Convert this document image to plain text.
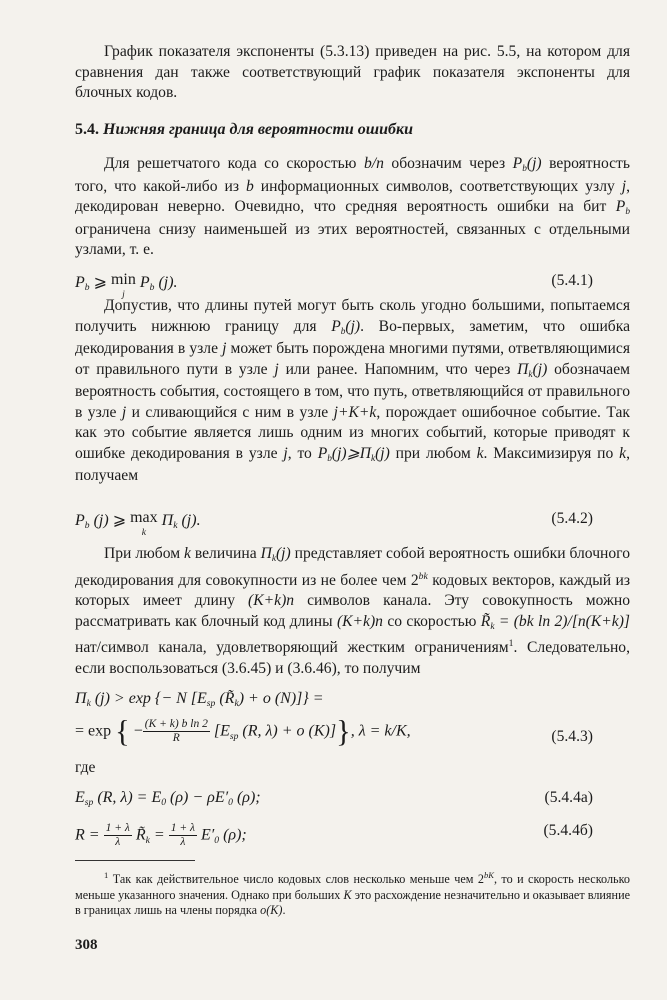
График показателя экспоненты (5.3.13) приведен на рис. 5.5, на котором для сравнения дан также соответствующий график показателя экспоненты для блочных кодов.
5.4. Нижняя граница для вероятности ошибки
Для решетчатого кода со скоростью b/n обозначим через $P_b(j)$ вероятность того, что какой-либо из b информационных символов, соответствующих узлу j, декодирован неверно. Очевидно, что средняя вероятность ошибки на бит $P_b$ ограничена снизу наименьшей из этих вероятностей, связанных с отдельными узлами, т. е.
$P_b$ ⩾ min
j
$P_b$ (j).	(5.4.1)
Допустив, что длины путей могут быть сколь угодно большими, попытаемся получить нижнюю границу для $P_b(j)$. Во-первых, заметим, что ошибка декодирования в узле j может быть порождена многими путями, ответвляющимися от правильного пути в узле j или ранее. Напомним, что через $\Pi_k(j)$ обозначаем вероятность события, состоящего в том, что путь, ответвляющийся от правильного в узле j и сливающийся с ним в узле j+K+k, порождает ошибочное событие. Так как это событие является лишь одним из многих событий, которые приводят к ошибке декодирования в узле j, то $P_b(j)⩾\Pi_k(j)$ при любом k. Максимизируя по k, получаем
$P_b$ (j) ⩾ max
k
$\Pi_k$ (j).	(5.4.2)
При любом k величина $\Pi_k(j)$ представляет собой вероятность ошибки блочного декодирования для совокупности из не более чем $2^{bk}$ кодовых векторов, каждый из которых имеет длину (K+k)n символов канала. Эту совокупность можно рассматривать как блочный код длины (K+k)n со скоростью $R̃_k = (bk$ ln 2)/[n(K+k)] нат/символ канала, удовлетворяющий жестким ограничениям$^1$. Следовательно, если воспользоваться (3.6.45) и (3.6.46), то получим
$\Pi_k$ (j) > exp {− N [$E_{sp}$ $(R̃_k) + o$ (N)]} =
= exp { − $\frac{\text{(K + k) b ln 2}}{R} [E_{sp}$ (R, λ) + o (K)]}, λ = k/K,	(5.4.3)
где
$E_{sp}$ (R, $\lambda) = E_0$ $(\rho) - \rho E'_0$ (ρ);	(5.4.4а)
$R = \frac{1 + \lambda}{\lambda}$ $R̃_k = \frac{1 + \lambda}{\lambda} E'_0$ (ρ);	(5.4.4б)
$^1$ Так как действительное число кодовых слов несколько меньше чем $2^{bK}$, то и скорость несколько меньше указанного значения. Однако при больших K это расхождение незначительно и оказывает влияние в границах лишь на члены порядка o(K).
308
